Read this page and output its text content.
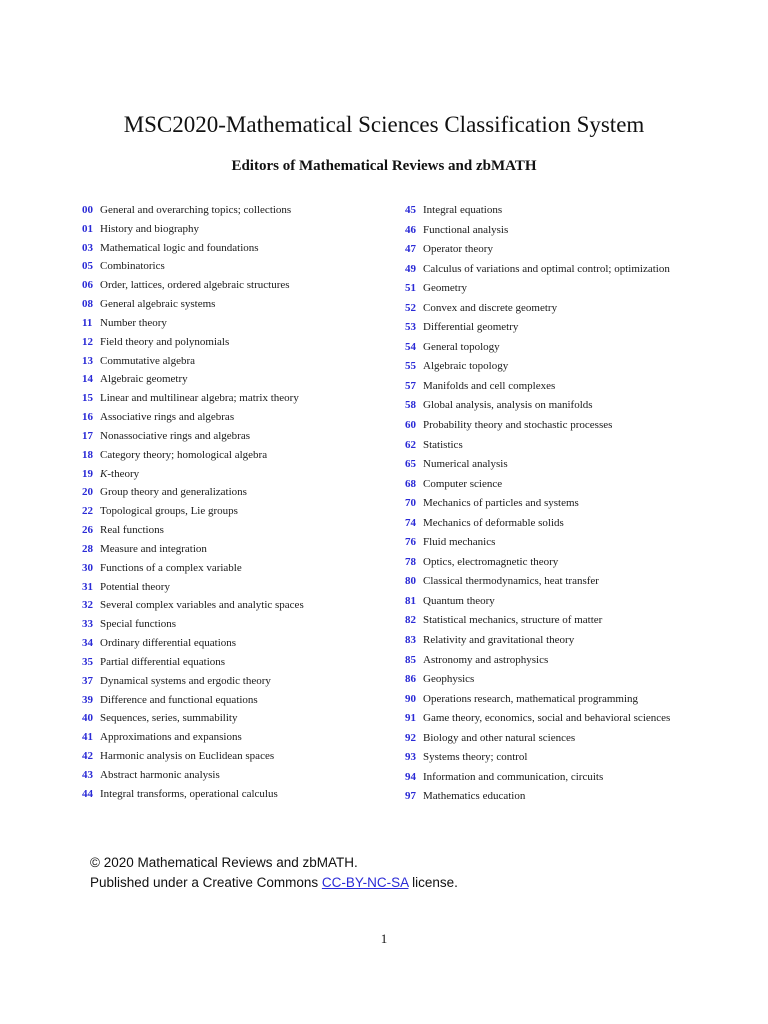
MSC2020-Mathematical Sciences Classification System
Editors of Mathematical Reviews and zbMATH
00 General and overarching topics; collections
01 History and biography
03 Mathematical logic and foundations
05 Combinatorics
06 Order, lattices, ordered algebraic structures
08 General algebraic systems
11 Number theory
12 Field theory and polynomials
13 Commutative algebra
14 Algebraic geometry
15 Linear and multilinear algebra; matrix theory
16 Associative rings and algebras
17 Nonassociative rings and algebras
18 Category theory; homological algebra
19 K-theory
20 Group theory and generalizations
22 Topological groups, Lie groups
26 Real functions
28 Measure and integration
30 Functions of a complex variable
31 Potential theory
32 Several complex variables and analytic spaces
33 Special functions
34 Ordinary differential equations
35 Partial differential equations
37 Dynamical systems and ergodic theory
39 Difference and functional equations
40 Sequences, series, summability
41 Approximations and expansions
42 Harmonic analysis on Euclidean spaces
43 Abstract harmonic analysis
44 Integral transforms, operational calculus
45 Integral equations
46 Functional analysis
47 Operator theory
49 Calculus of variations and optimal control; optimization
51 Geometry
52 Convex and discrete geometry
53 Differential geometry
54 General topology
55 Algebraic topology
57 Manifolds and cell complexes
58 Global analysis, analysis on manifolds
60 Probability theory and stochastic processes
62 Statistics
65 Numerical analysis
68 Computer science
70 Mechanics of particles and systems
74 Mechanics of deformable solids
76 Fluid mechanics
78 Optics, electromagnetic theory
80 Classical thermodynamics, heat transfer
81 Quantum theory
82 Statistical mechanics, structure of matter
83 Relativity and gravitational theory
85 Astronomy and astrophysics
86 Geophysics
90 Operations research, mathematical programming
91 Game theory, economics, social and behavioral sciences
92 Biology and other natural sciences
93 Systems theory; control
94 Information and communication, circuits
97 Mathematics education
© 2020 Mathematical Reviews and zbMATH.
Published under a Creative Commons CC-BY-NC-SA license.
1
